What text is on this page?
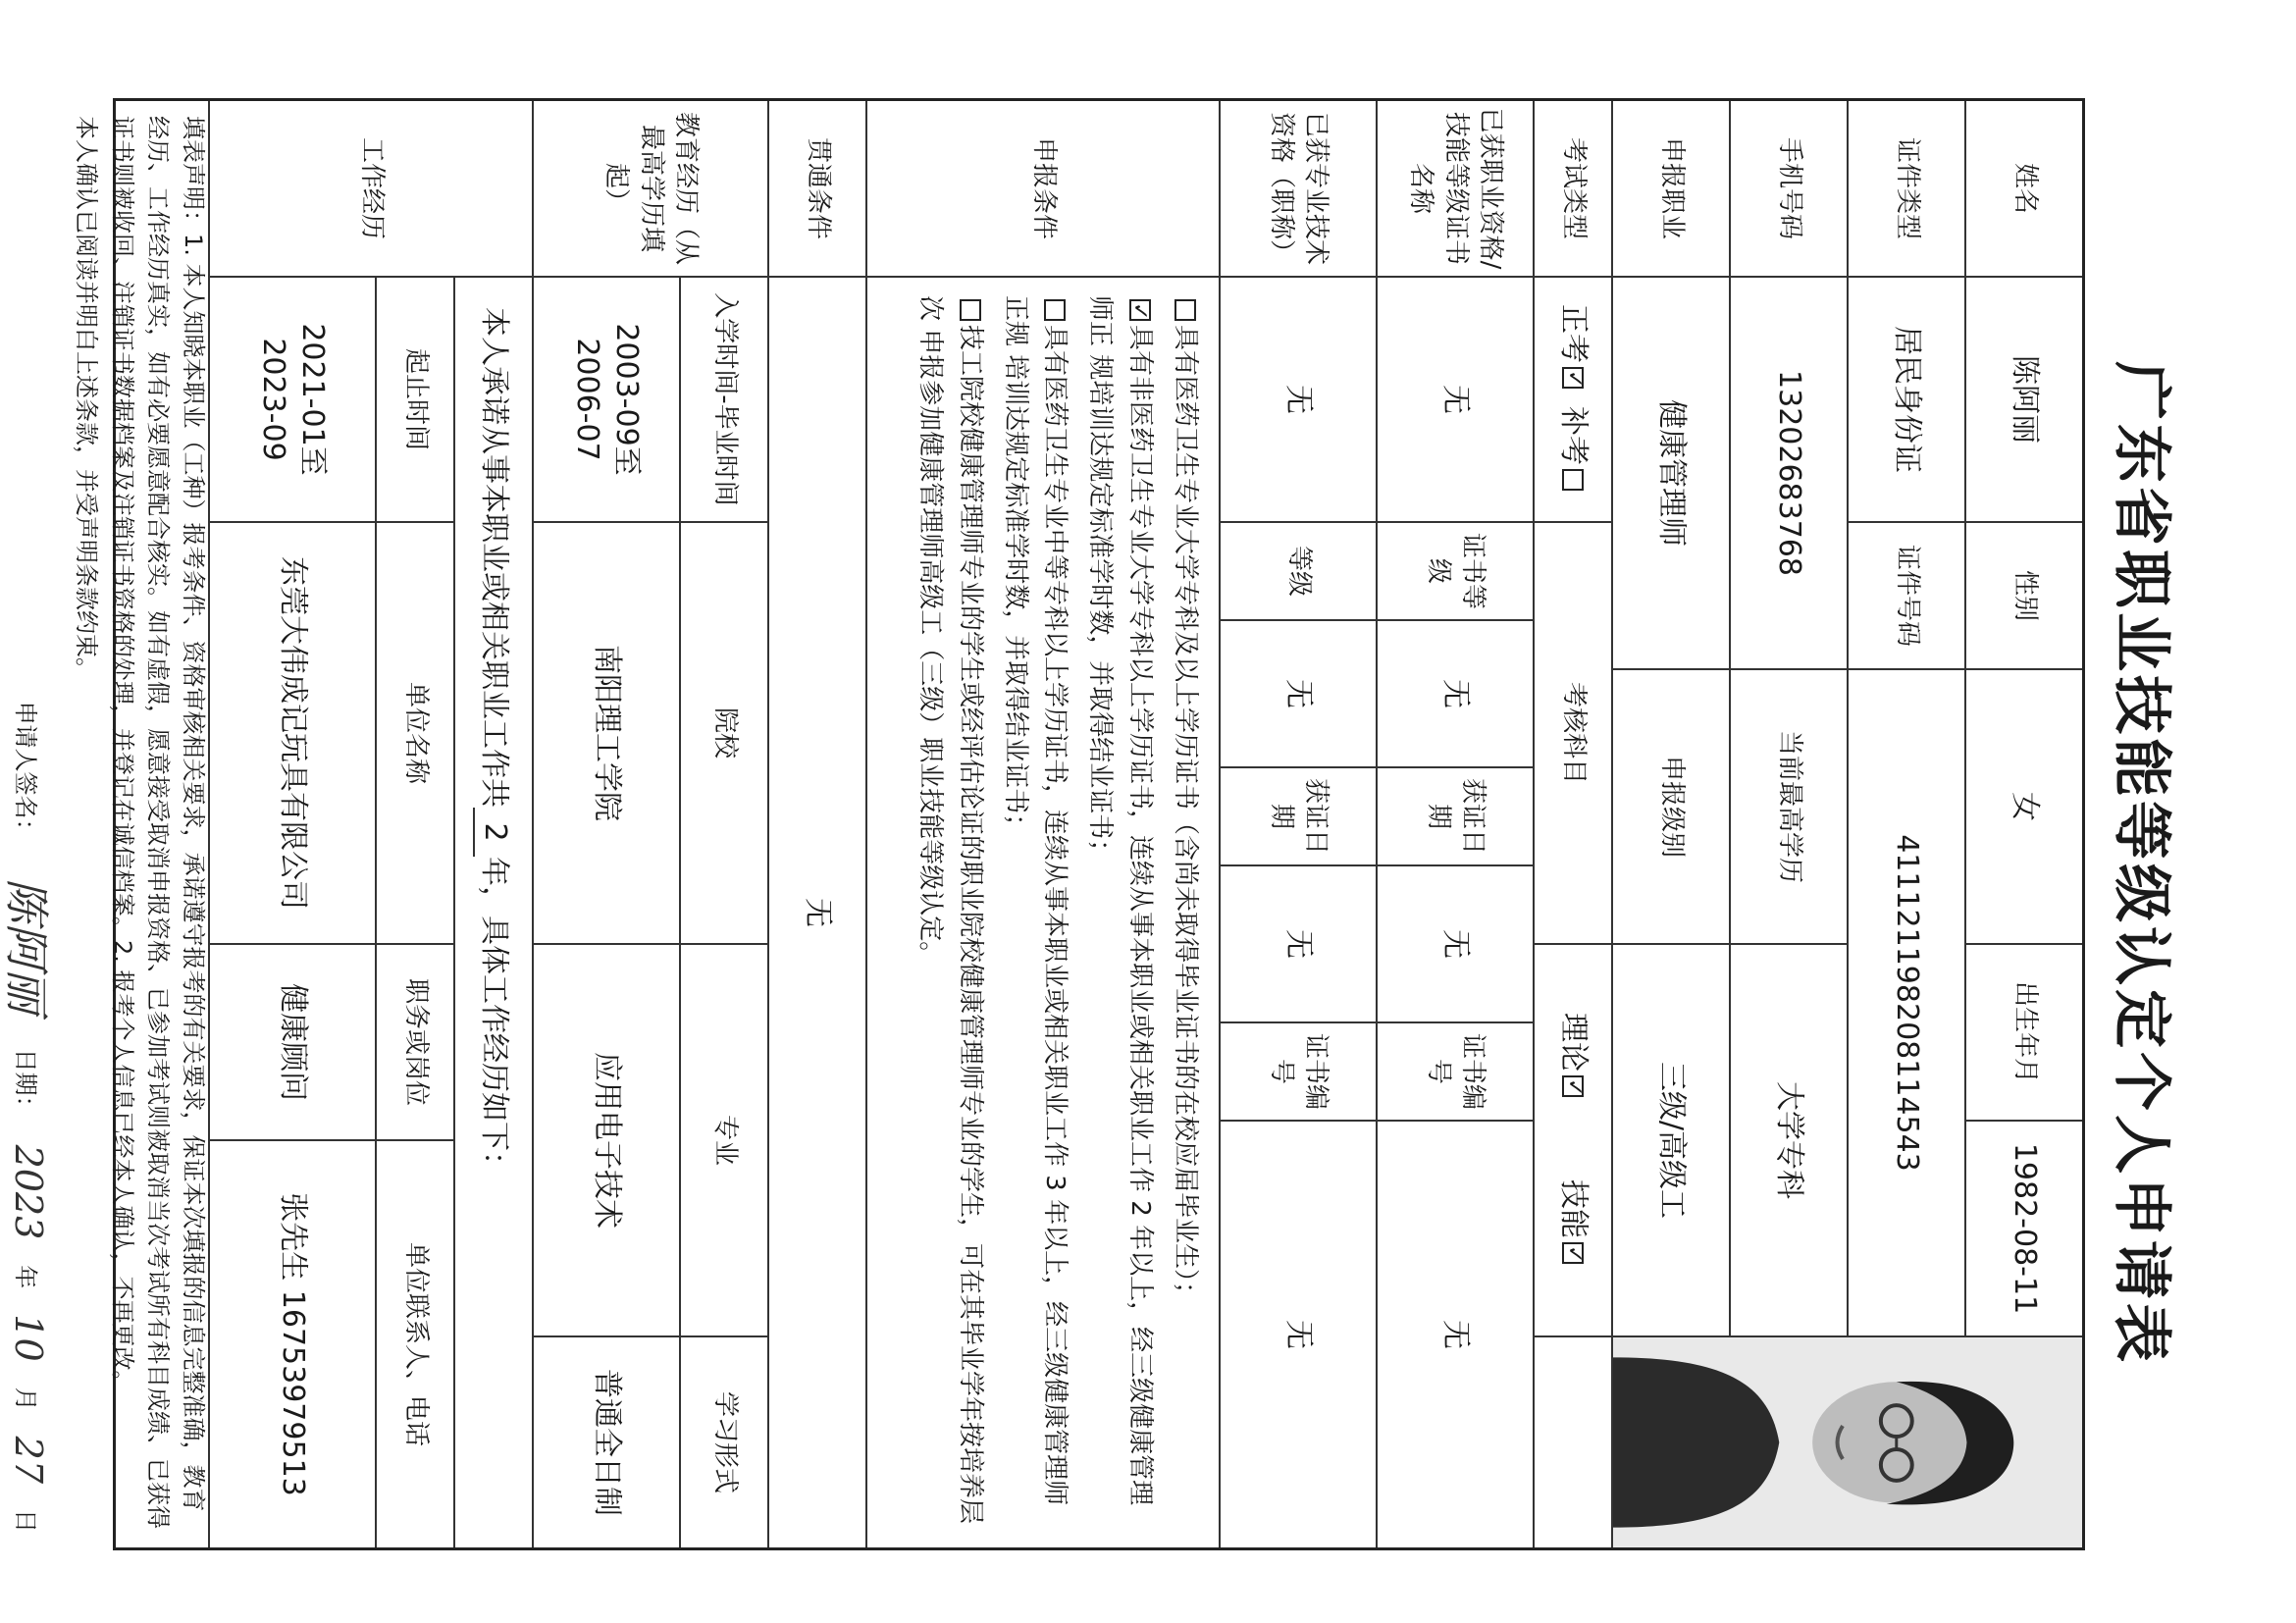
广东省职业技能等级认定个人申请表
姓名
陈阿丽
性别
女
出生年月
1982-08-11
证件类型
居民身份证
证件号码
411121198208114543
手机号码
13202683768
当前最高学历
大学专科
申报职业
健康管理师
申报级别
三级/高级工
考试类型
正考
✓
补考
考核科目
理论
✓
技能
✓
已获职业资格/技能等级证书名称
无
证书等级
无
获证日期
无
证书编号
无
已获专业技术资格（职称）
无
等级
无
获证日期
无
证书编号
无
申报条件

具有医药卫生专业大学专科及以上学历证书（含尚未取得毕业证书的在校应届毕业生）；

✓具有非医药卫生专业大学专科以上学历证书，连续从事本职业或相关职业工作 2 年以上，经三级健康管理师正 规培训达规定标准学时数，并取得结业证书；

具有医药卫生专业中等专科以上学历证书，连续从事本职业或相关职业工作 3 年以上，经三级健康管理师正规 培训达规定标准学时数，并取得结业证书；

技工院校健康管理师专业的学生或经评估论证的职业院校健康管理师专业的学生，可在其毕业学年按培养层次 申报参加健康管理师高级工（三级）职业技能等级认定。

贯通条件
无
教育经历（从最高学历填起）
入学时间-毕业时间
院校
专业
学习形式
2003-09至2006-07
南阳理工学院
应用电子技术
普通全日制
工作经历
本人承诺从事本职业或相关职业工作共
2
年，具体工作经历如下：
起止时间
单位名称
职务或岗位
单位联系人、电话
2021-01至2023-09
东莞大伟成记玩具有限公司
健康顾问
张先生 16753979513
填表声明：1. 本人知晓本职业（工种）报考条件、资格审核相关要求，承诺遵守报考的有关要求，保证本次填报的信息完整准确，教育经历、工作经历真实，如有必要愿意配合核实。如有虚假，愿意接受取消申报资格、已参加考试则被取消当次考试所有科目成绩、已获得证书则被收回、注销证书数据档案及注销证书资格的处理，并登记在诚信档案。2. 报考个人信息已经本人确认，不再更改。
本人确认已阅读并明白上述条款，并受声明条款约束。
申请人签名：
陈阿丽
日期：
2023
年
10
月
27
日
